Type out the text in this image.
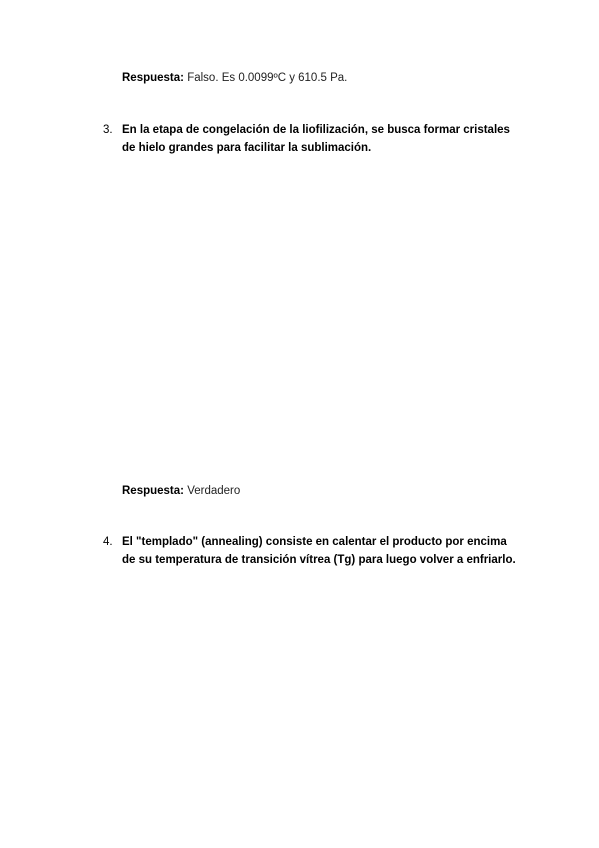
Respuesta: Falso. Es 0.0099ºC y 610.5 Pa.
3. En la etapa de congelación de la liofilización, se busca formar cristales de hielo grandes para facilitar la sublimación.
Respuesta: Verdadero
4. El "templado" (annealing) consiste en calentar el producto por encima de su temperatura de transición vítrea (Tg) para luego volver a enfriarlo.
